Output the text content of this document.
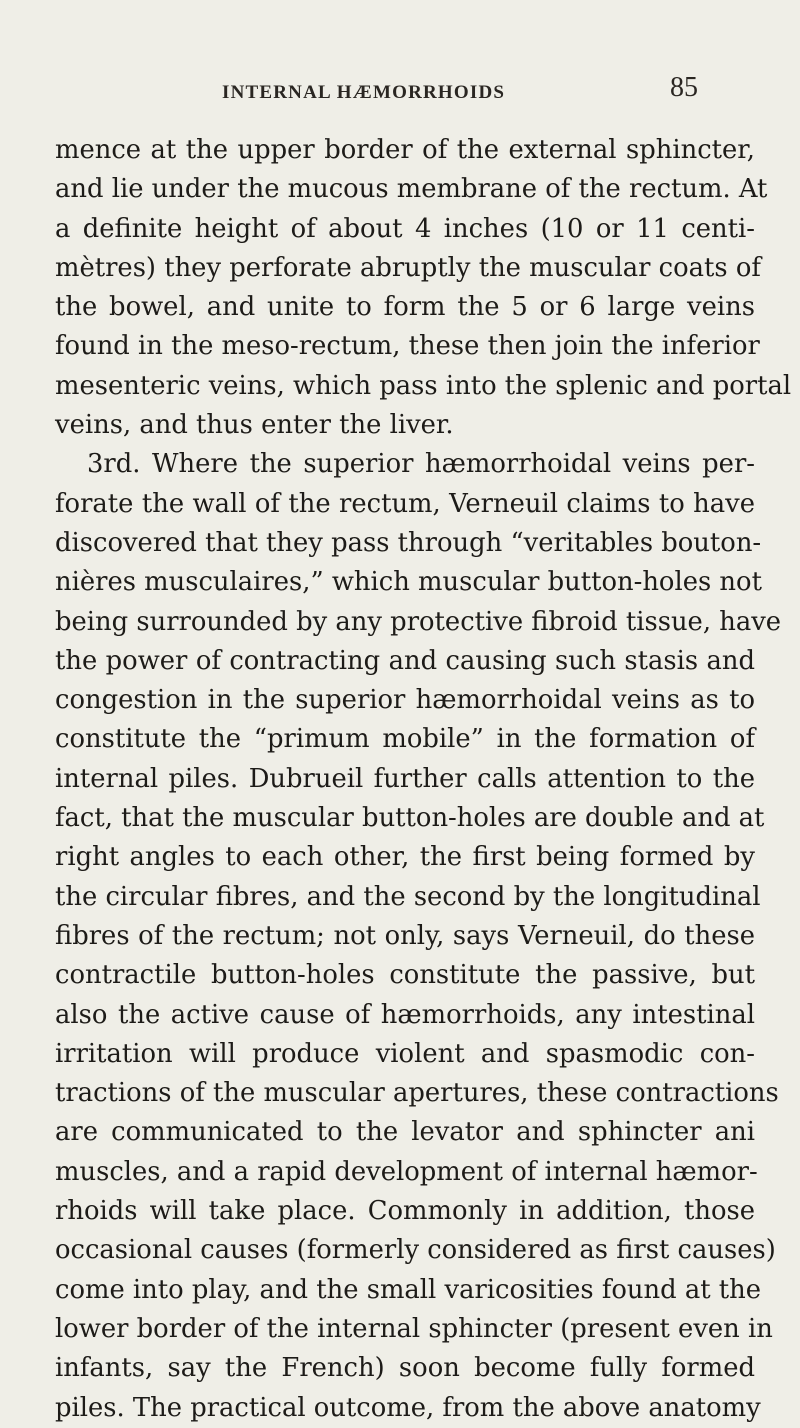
INTERNAL HÆMORRHOIDS	85
mence at the upper border of the external sphincter,
and lie under the mucous membrane of the rectum. At
a definite height of about 4 inches (10 or 11 centi-
mètres) they perforate abruptly the muscular coats of
the bowel, and unite to form the 5 or 6 large veins
found in the meso-rectum, these then join the inferior
mesenteric veins, which pass into the splenic and portal
veins, and thus enter the liver.
3rd. Where the superior hæmorrhoidal veins per-
forate the wall of the rectum, Verneuil claims to have
discovered that they pass through “veritables bouton-
nières musculaires,” which muscular button-holes not
being surrounded by any protective fibroid tissue, have
the power of contracting and causing such stasis and
congestion in the superior hæmorrhoidal veins as to
constitute the “primum mobile” in the formation of
internal piles. Dubrueil further calls attention to the
fact, that the muscular button-holes are double and at
right angles to each other, the first being formed by
the circular fibres, and the second by the longitudinal
fibres of the rectum; not only, says Verneuil, do these
contractile button-holes constitute the passive, but
also the active cause of hæmorrhoids, any intestinal
irritation will produce violent and spasmodic con-
tractions of the muscular apertures, these contractions
are communicated to the levator and sphincter ani
muscles, and a rapid development of internal hæmor-
rhoids will take place. Commonly in addition, those
occasional causes (formerly considered as first causes)
come into play, and the small varicosities found at the
lower border of the internal sphincter (present even in
infants, say the French) soon become fully formed
piles. The practical outcome, from the above anatomy
